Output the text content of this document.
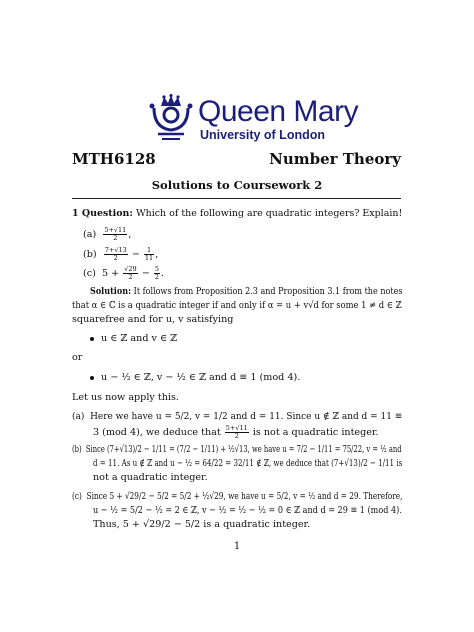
Queen Mary
University of London
MTH6128	Number Theory
Solutions to Coursework 2
1 Question: Which of the following are quadratic integers? Explain!
$(a) \frac{5+√11}{2}$ ,
$(b) \frac{7+√13}{2} - \frac{1}{11}$ ,
(c) $5 + \frac{√29}{2} - \frac{5}{2}$ .
Solution: It follows from Proposition 2.3 and Proposition 3.1 from the notes
that α ∈ ℂ is a quadratic integer if and only if α = u + v√d for some 1 ≠ d ∈ ℤ
squarefree and for u, v satisfying
u ∈ ℤ and v ∈ ℤ
or
u − ½ ∈ ℤ, v − ½ ∈ ℤ and d ≡ 1 (mod 4).
Let us now apply this.
(a) Here we have u = 5/2, v = 1/2 and d = 11. Since u ∉ ℤ and d = 11 ≡
3 (mod 4), we deduce that $\frac{5+√11}{2}$ is not a quadratic integer.
(b) Since (7+√13)/2 − 1/11 = (7/2 − 1/11) + ½√13, we have u = 7/2 − 1/11 = 75/22, v = ½ and
d = 11. As u ∉ ℤ and u − ½ = 64/22 = 32/11 ∉ ℤ, we deduce that (7+√13)/2 − 1/11 is
not a quadratic integer.
(c) Since 5 + √29/2 − 5/2 = 5/2 + ½√29, we have u = 5/2, v = ½ and d = 29. Therefore,
u − ½ = 5/2 − ½ = 2 ∈ ℤ, v − ½ = ½ − ½ = 0 ∈ ℤ and d = 29 ≡ 1 (mod 4).
Thus, 5 + √29/2 − 5/2 is a quadratic integer.
1
